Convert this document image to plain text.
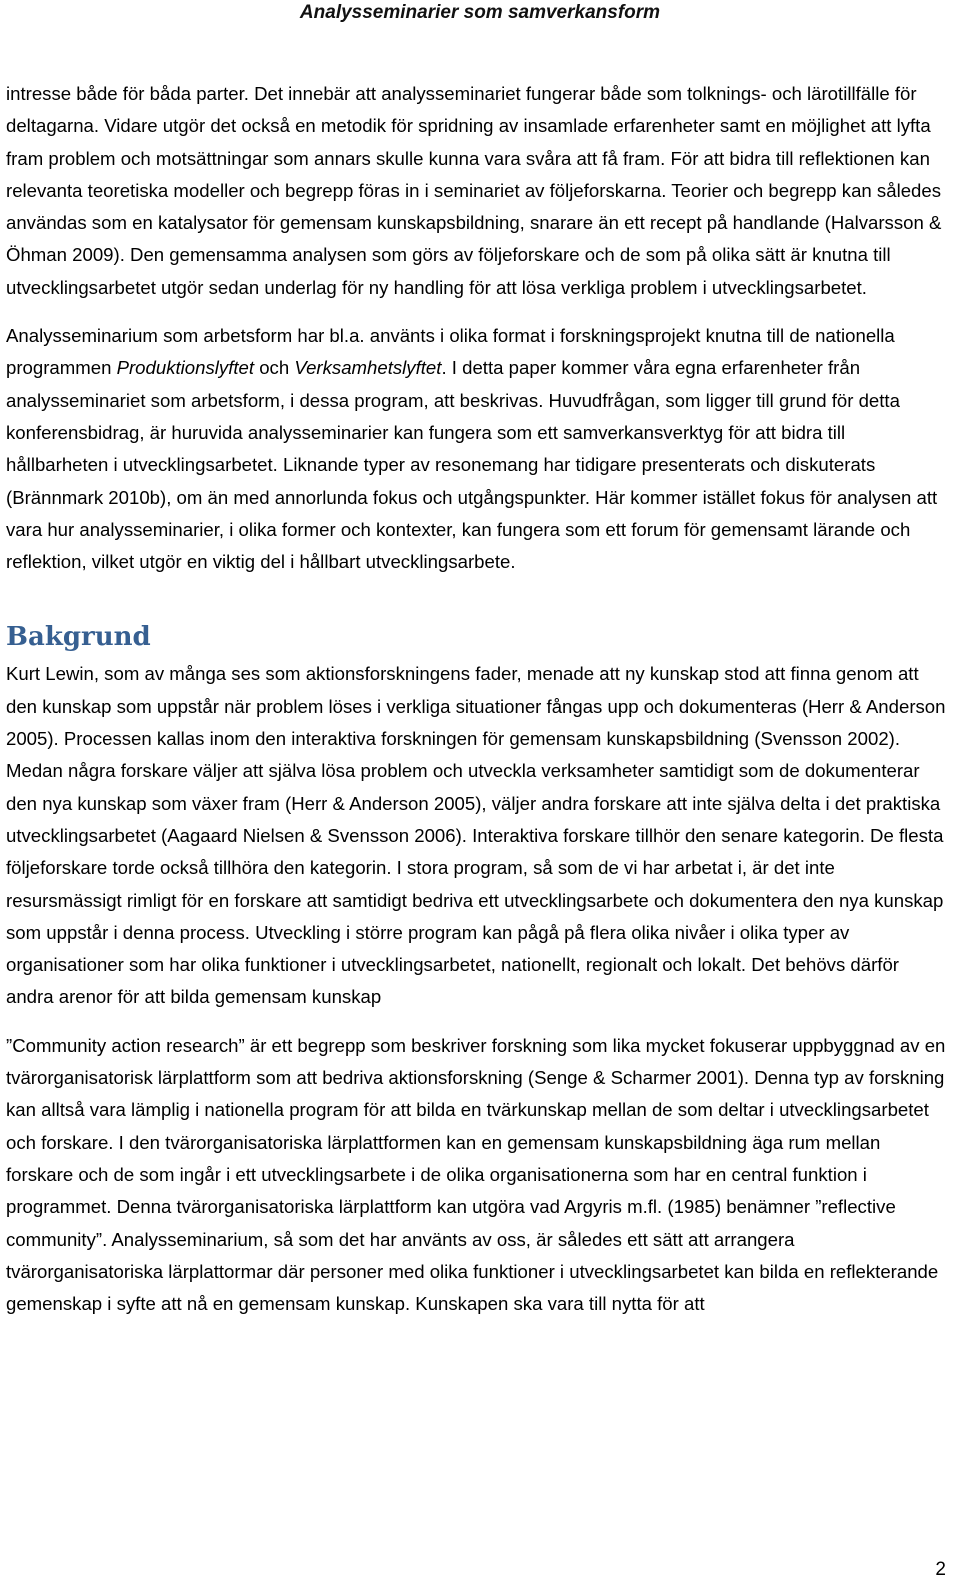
Analysseminarier som samverkansform

intresse både för båda parter. Det innebär att analysseminariet fungerar både som tolknings- och lärotillfälle för deltagarna. Vidare utgör det också en metodik för spridning av insamlade erfarenheter samt en möjlighet att lyfta fram problem och motsättningar som annars skulle kunna vara svåra att få fram. För att bidra till reflektionen kan relevanta teoretiska modeller och begrepp föras in i seminariet av följeforskarna. Teorier och begrepp kan således användas som en katalysator för gemensam kunskapsbildning, snarare än ett recept på handlande (Halvarsson & Öhman 2009). Den gemensamma analysen som görs av följeforskare och de som på olika sätt är knutna till utvecklingsarbetet utgör sedan underlag för ny handling för att lösa verkliga problem i utvecklingsarbetet.

Analysseminarium som arbetsform har bl.a. använts i olika format i forskningsprojekt knutna till de nationella programmen Produktionslyftet och Verksamhetslyftet. I detta paper kommer våra egna erfarenheter från analysseminariet som arbetsform, i dessa program, att beskrivas. Huvudfrågan, som ligger till grund för detta konferensbidrag, är huruvida analysseminarier kan fungera som ett samverkansverktyg för att bidra till hållbarheten i utvecklingsarbetet. Liknande typer av resonemang har tidigare presenterats och diskuterats (Brännmark 2010b), om än med annorlunda fokus och utgångspunkter. Här kommer istället fokus för analysen att vara hur analysseminarier, i olika former och kontexter, kan fungera som ett forum för gemensamt lärande och reflektion, vilket utgör en viktig del i hållbart utvecklingsarbete.

Bakgrund

Kurt Lewin, som av många ses som aktionsforskningens fader, menade att ny kunskap stod att finna genom att den kunskap som uppstår när problem löses i verkliga situationer fångas upp och dokumenteras (Herr & Anderson 2005). Processen kallas inom den interaktiva forskningen för gemensam kunskapsbildning (Svensson 2002). Medan några forskare väljer att själva lösa problem och utveckla verksamheter samtidigt som de dokumenterar den nya kunskap som växer fram (Herr & Anderson 2005), väljer andra forskare att inte själva delta i det praktiska utvecklingsarbetet (Aagaard Nielsen & Svensson 2006). Interaktiva forskare tillhör den senare kategorin. De flesta följeforskare torde också tillhöra den kategorin. I stora program, så som de vi har arbetat i, är det inte resursmässigt rimligt för en forskare att samtidigt bedriva ett utvecklingsarbete och dokumentera den nya kunskap som uppstår i denna process. Utveckling i större program kan pågå på flera olika nivåer i olika typer av organisationer som har olika funktioner i utvecklingsarbetet, nationellt, regionalt och lokalt. Det behövs därför andra arenor för att bilda gemensam kunskap

”Community action research” är ett begrepp som beskriver forskning som lika mycket fokuserar uppbyggnad av en tvärorganisatorisk lärplattform som att bedriva aktionsforskning (Senge & Scharmer 2001). Denna typ av forskning kan alltså vara lämplig i nationella program för att bilda en tvärkunskap mellan de som deltar i utvecklingsarbetet och forskare. I den tvärorganisatoriska lärplattformen kan en gemensam kunskapsbildning äga rum mellan forskare och de som ingår i ett utvecklingsarbete i de olika organisationerna som har en central funktion i programmet. Denna tvärorganisatoriska lärplattform kan utgöra vad Argyris m.fl. (1985) benämner ”reflective community”. Analysseminarium, så som det har använts av oss, är således ett sätt att arrangera tvärorganisatoriska lärplattormar där personer med olika funktioner i utvecklingsarbetet kan bilda en reflekterande gemenskap i syfte att nå en gemensam kunskap. Kunskapen ska vara till nytta för att

2
